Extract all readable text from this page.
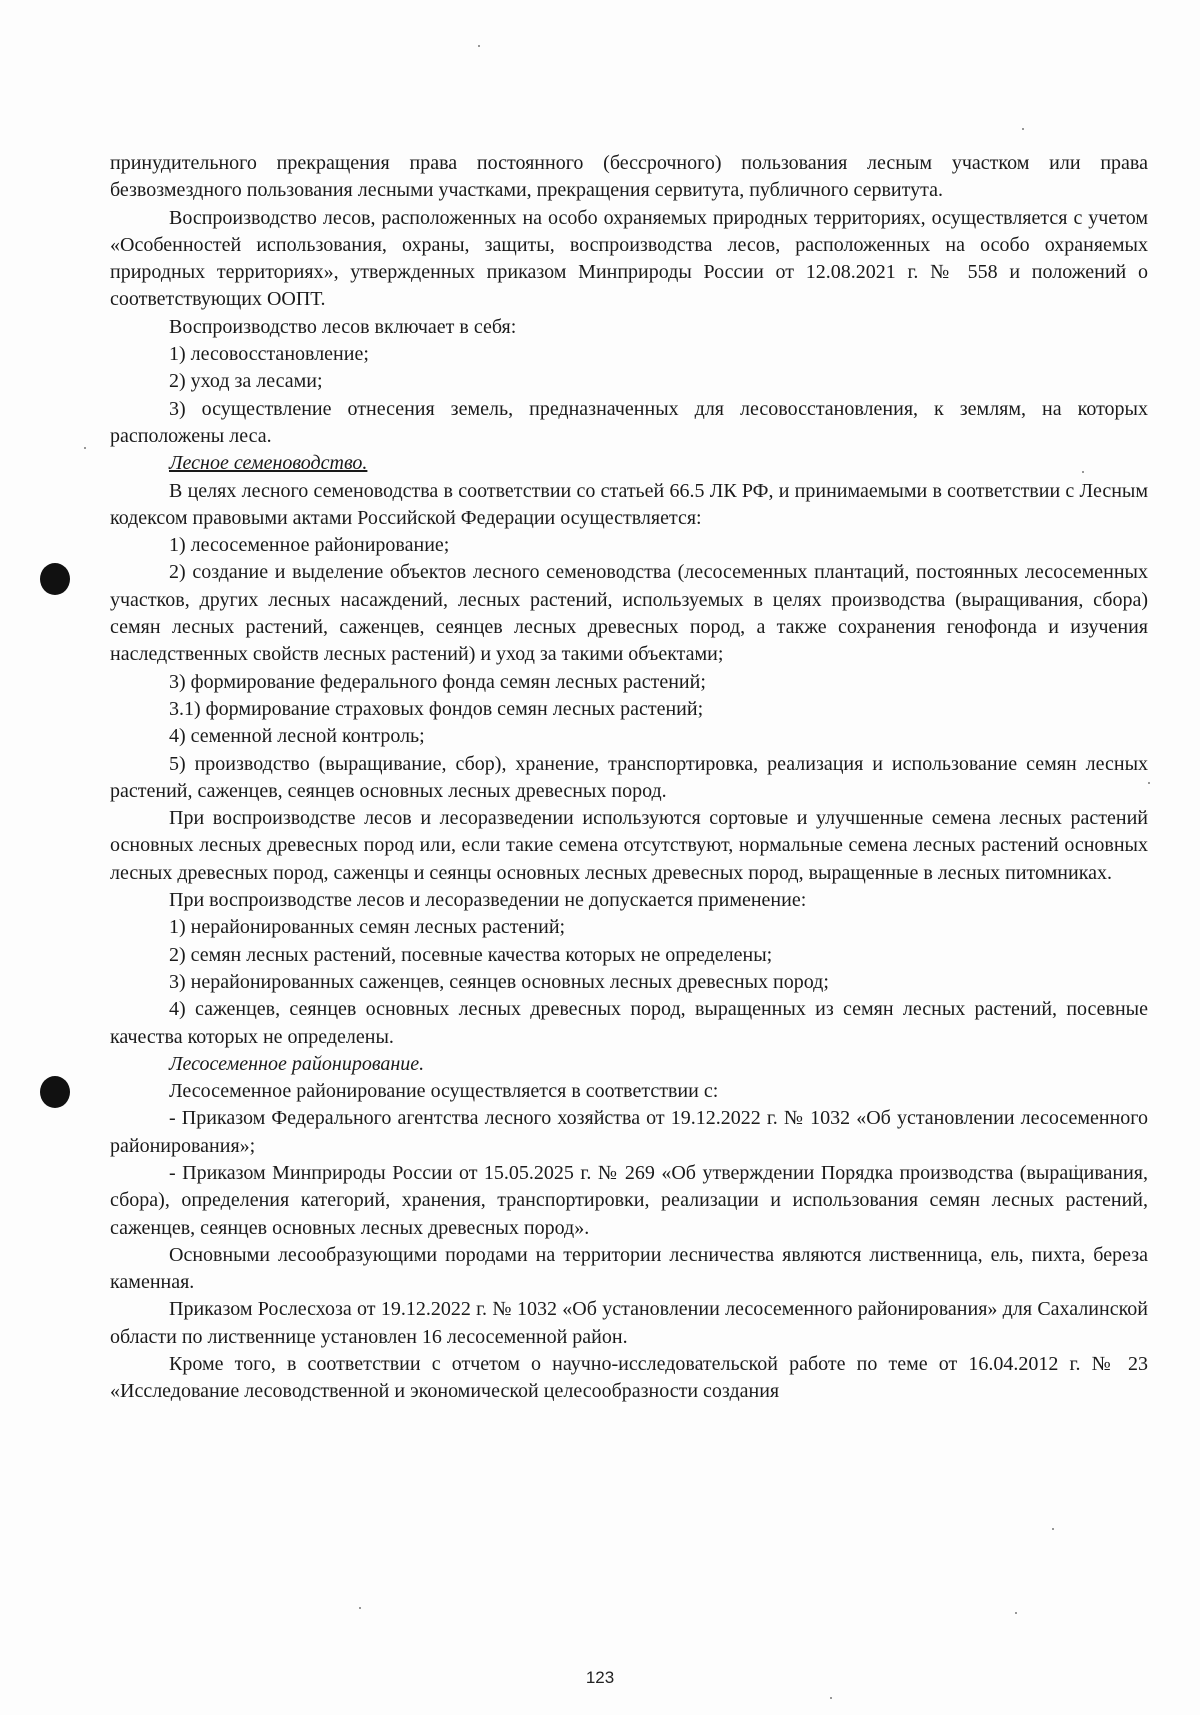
принудительного прекращения права постоянного (бессрочного) пользования лесным участком или права безвозмездного пользования лесными участками, прекращения сервитута, публичного сервитута.

Воспроизводство лесов, расположенных на особо охраняемых природных территориях, осуществляется с учетом «Особенностей использования, охраны, защиты, воспроизводства лесов, расположенных на особо охраняемых природных территориях», утвержденных приказом Минприроды России от 12.08.2021 г. № 558 и положений о соответствующих ООПТ.

Воспроизводство лесов включает в себя:

1) лесовосстановление;

2) уход за лесами;

3) осуществление отнесения земель, предназначенных для лесовосстановления, к землям, на которых расположены леса.

Лесное семеноводство.

В целях лесного семеноводства в соответствии со статьей 66.5 ЛК РФ, и принимаемыми в соответствии с Лесным кодексом правовыми актами Российской Федерации осуществляется:

1) лесосеменное районирование;

2) создание и выделение объектов лесного семеноводства (лесосеменных плантаций, постоянных лесосеменных участков, других лесных насаждений, лесных растений, используемых в целях производства (выращивания, сбора) семян лесных растений, саженцев, сеянцев лесных древесных пород, а также сохранения генофонда и изучения наследственных свойств лесных растений) и уход за такими объектами;

3) формирование федерального фонда семян лесных растений;

3.1) формирование страховых фондов семян лесных растений;

4) семенной лесной контроль;

5) производство (выращивание, сбор), хранение, транспортировка, реализация и использование семян лесных растений, саженцев, сеянцев основных лесных древесных пород.

При воспроизводстве лесов и лесоразведении используются сортовые и улучшенные семена лесных растений основных лесных древесных пород или, если такие семена отсутствуют, нормальные семена лесных растений основных лесных древесных пород, саженцы и сеянцы основных лесных древесных пород, выращенные в лесных питомниках.

При воспроизводстве лесов и лесоразведении не допускается применение:

1) нерайонированных семян лесных растений;

2) семян лесных растений, посевные качества которых не определены;

3) нерайонированных саженцев, сеянцев основных лесных древесных пород;

4) саженцев, сеянцев основных лесных древесных пород, выращенных из семян лесных растений, посевные качества которых не определены.

Лесосеменное районирование.

Лесосеменное районирование осуществляется в соответствии с:

- Приказом Федерального агентства лесного хозяйства от 19.12.2022 г. № 1032 «Об установлении лесосеменного районирования»;

- Приказом Минприроды России от 15.05.2025 г. № 269 «Об утверждении Порядка производства (выращивания, сбора), определения категорий, хранения, транспортировки, реализации и использования семян лесных растений, саженцев, сеянцев основных лесных древесных пород».

Основными лесообразующими породами на территории лесничества являются лиственница, ель, пихта, береза каменная.

Приказом Рослесхоза от 19.12.2022 г. № 1032 «Об установлении лесосеменного районирования» для Сахалинской области по лиственнице установлен 16 лесосеменной район.

Кроме того, в соответствии с отчетом о научно-исследовательской работе по теме от 16.04.2012 г. № 23 «Исследование лесоводственной и экономической целесообразности создания

123
